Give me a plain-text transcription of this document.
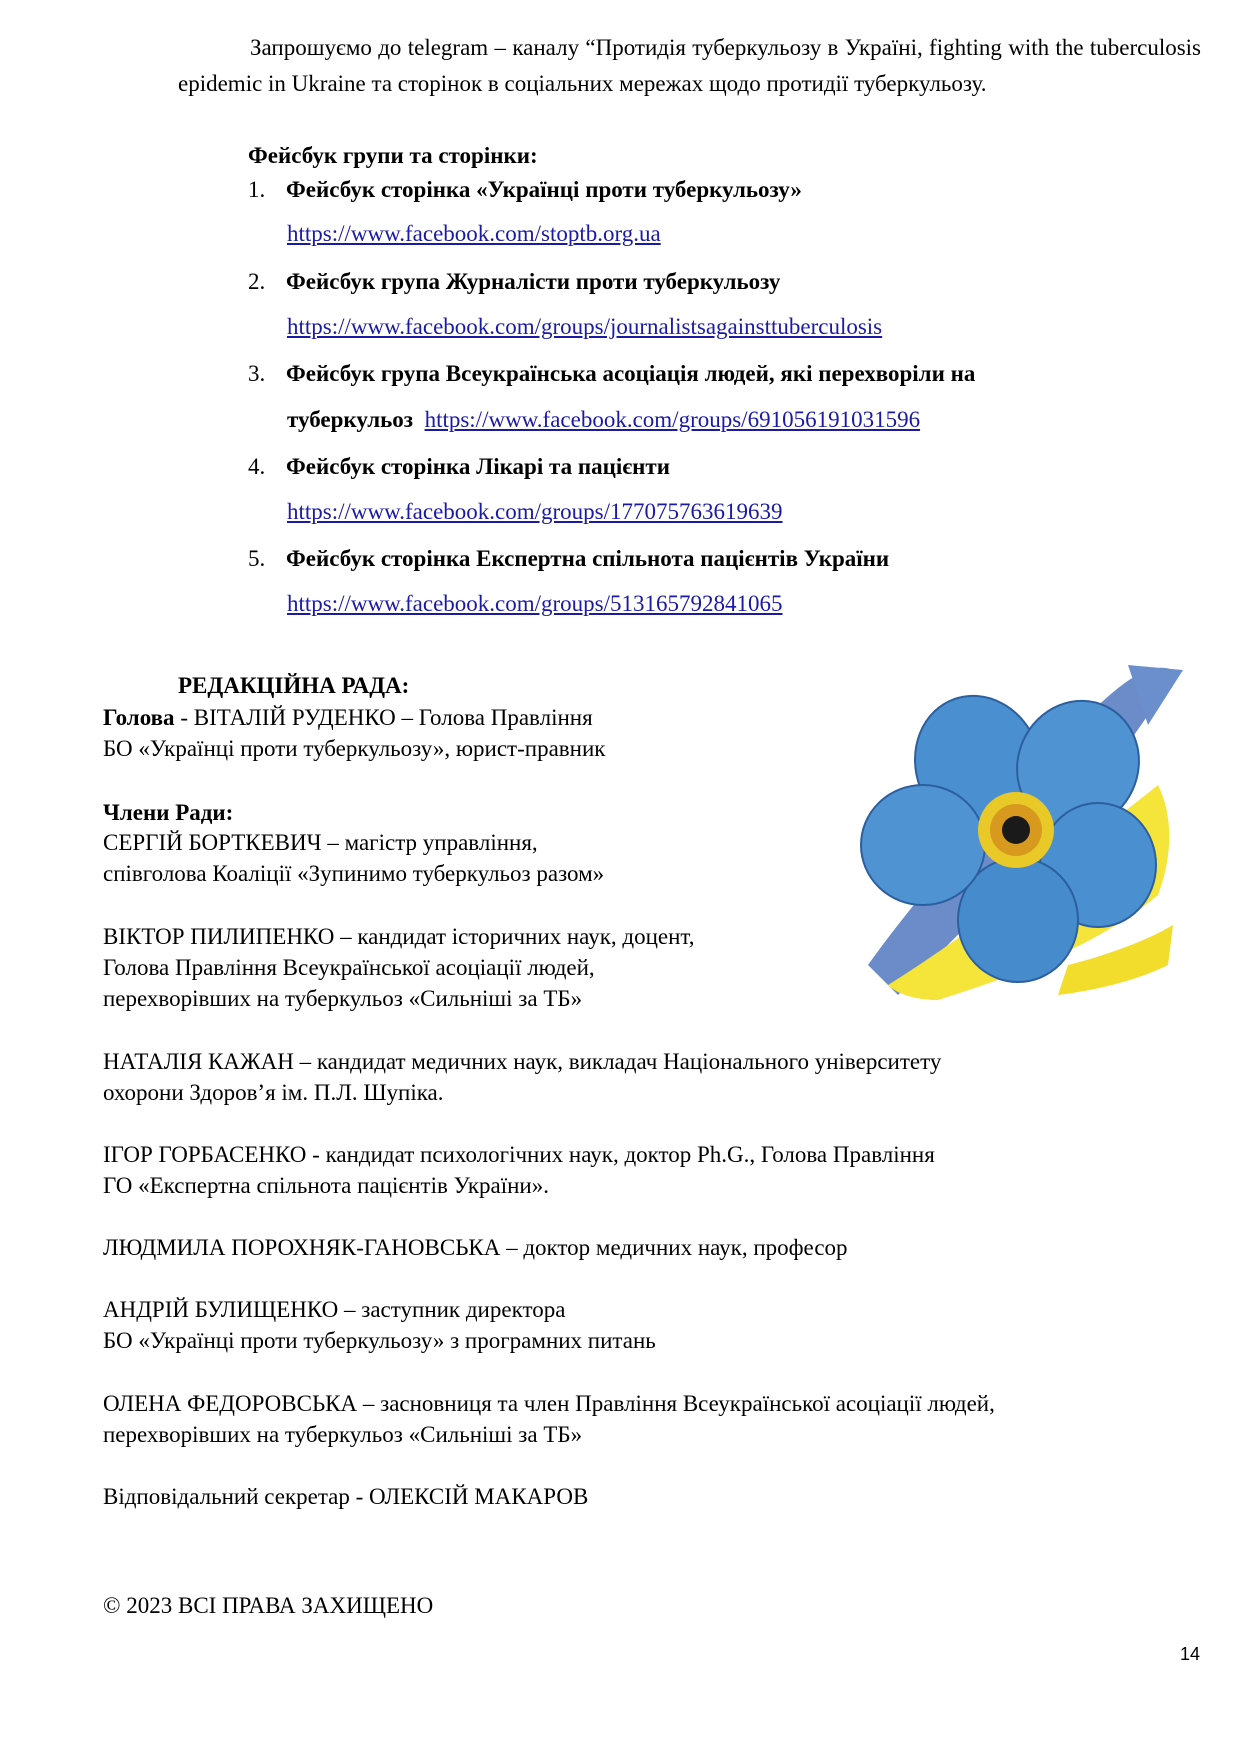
Запрошуємо до telegram – каналу “Протидія туберкульозу в Україні, fighting with the tuberculosis epidemic in Ukraine та сторінок в соціальних мережах щодо протидії туберкульозу.
Фейсбук групи та сторінки:
1. Фейсбук сторінка «Українці проти туберкульозу»
https://www.facebook.com/stoptb.org.ua
2. Фейсбук група Журналісти проти туберкульозу
https://www.facebook.com/groups/journalistsagainsttuberculosis
3. Фейсбук група Всеукраїнська асоціація людей, які перехворіли на
туберкульоз https://www.facebook.com/groups/691056191031596
4. Фейсбук сторінка Лікарі та пацієнти
https://www.facebook.com/groups/177075763619639
5. Фейсбук сторінка Експертна спільнота пацієнтів України
https://www.facebook.com/groups/513165792841065
РЕДАКЦІЙНА РАДА:
Голова - ВІТАЛІЙ РУДЕНКО – Голова Правління
БО «Українці проти туберкульозу», юрист-правник
Члени Ради:
СЕРГІЙ БОРТКЕВИЧ – магістр управління,
співголова Коаліції «Зупинимо туберкульоз разом»
ВІКТОР ПИЛИПЕНКО – кандидат історичних наук, доцент,
Голова Правління Всеукраїнської асоціації людей,
перехворівших на туберкульоз «Сильніші за ТБ»
НАТАЛІЯ КАЖАН – кандидат медичних наук, викладач Національного університету
охорони Здоров’я ім. П.Л. Шупіка.
ІГОР ГОРБАСЕНКО - кандидат психологічних наук, доктор Ph.G., Голова Правління
ГО «Експертна спільнота пацієнтів України».
ЛЮДМИЛА ПОРОХНЯК-ГАНОВСЬКА – доктор медичних наук, професор
АНДРІЙ БУЛИЩЕНКО – заступник директора
БО «Українці проти туберкульозу» з програмних питань
ОЛЕНА ФЕДОРОВСЬКА – засновниця та член Правління Всеукраїнської асоціації людей,
перехворівших на туберкульоз «Сильніші за ТБ»
Відповідальний секретар - ОЛЕКСІЙ МАКАРОВ
© 2023 ВСІ ПРАВА ЗАХИЩЕНО
14
